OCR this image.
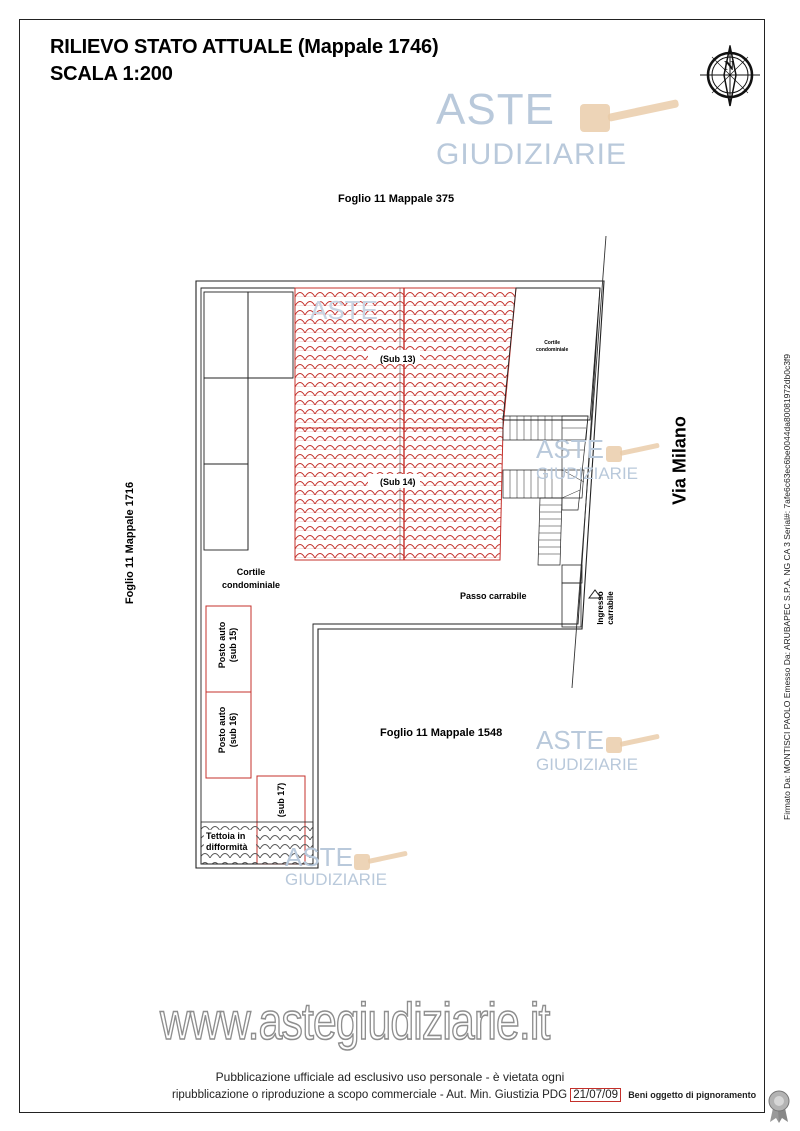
RILIEVO STATO ATTUALE (Mappale 1746)
SCALA 1:200	N
ASTE
GIUDIZIARIE
ASTE
GIUDIZIARIE
ASTE
GIUDIZIARIE
ASTE
GIUDIZIARIE
ASTE
Foglio 11 Mappale 375
Foglio 11 Mappale 1716
Foglio 11 Mappale 1548
Via Milano
(Sub 13)
(Sub 14)
Cortile
condominiale
Cortile
condominiale
Passo carrabile	Ingresso carrabile
Posto auto (sub 15)
Posto auto (sub 16)
(sub 17)
Tettoia in
difformità
www.astegiudiziarie.it
Pubblicazione ufficiale ad esclusivo uso personale - è vietata ogni
ripubblicazione o riproduzione a scopo commerciale - Aut. Min. Giustizia PDG 21/07/09 Beni oggetto di pignoramento
Firmato Da: MONTISCI PAOLO Emesso Da: ARUBAPEC S.P.A. NG CA 3 Serial#: 7afe6c63ec6be0044da80081972db0c3f9
